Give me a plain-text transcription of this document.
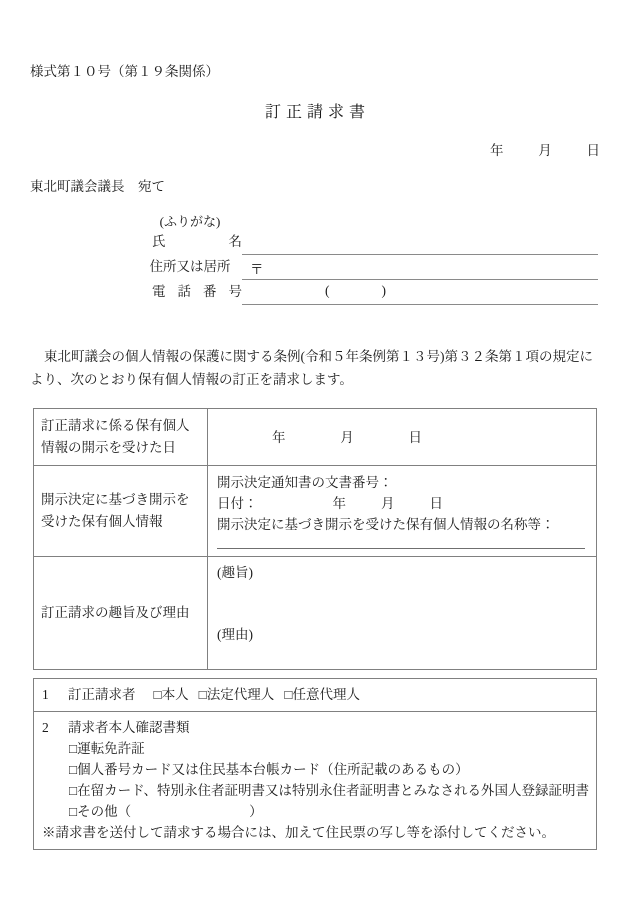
様式第１０号（第１９条関係）
訂正請求書
年	月	日
東北町議会議長　宛て
(ふりがな)
氏　　名
住所又は居所	〒
電話番号	(	)
東北町議会の個人情報の保護に関する条例(令和５年条例第１３号)第３２条第１項の規定により、次のとおり保有個人情報の訂正を請求します。
訂正請求に係る保有個人情報の開示を受けた日	年 月 日

開示決定に基づき開示を受けた保有個人情報	開示決定通知書の文書番号：
日付： 年 月 日
開示決定に基づき開示を受けた保有個人情報の名称等：

訂正請求の趣旨及び理由	(趣旨)
(理由)
1 訂正請求者 □本人 □法定代理人 □任意代理人

2 請求者本人確認書類
□運転免許証
□個人番号カード又は住民基本台帳カード（住所記載のあるもの）
□在留カード、特別永住者証明書又は特別永住者証明書とみなされる外国人登録証明書
□その他（	）
※請求書を送付して請求する場合には、加えて住民票の写し等を添付してください。
